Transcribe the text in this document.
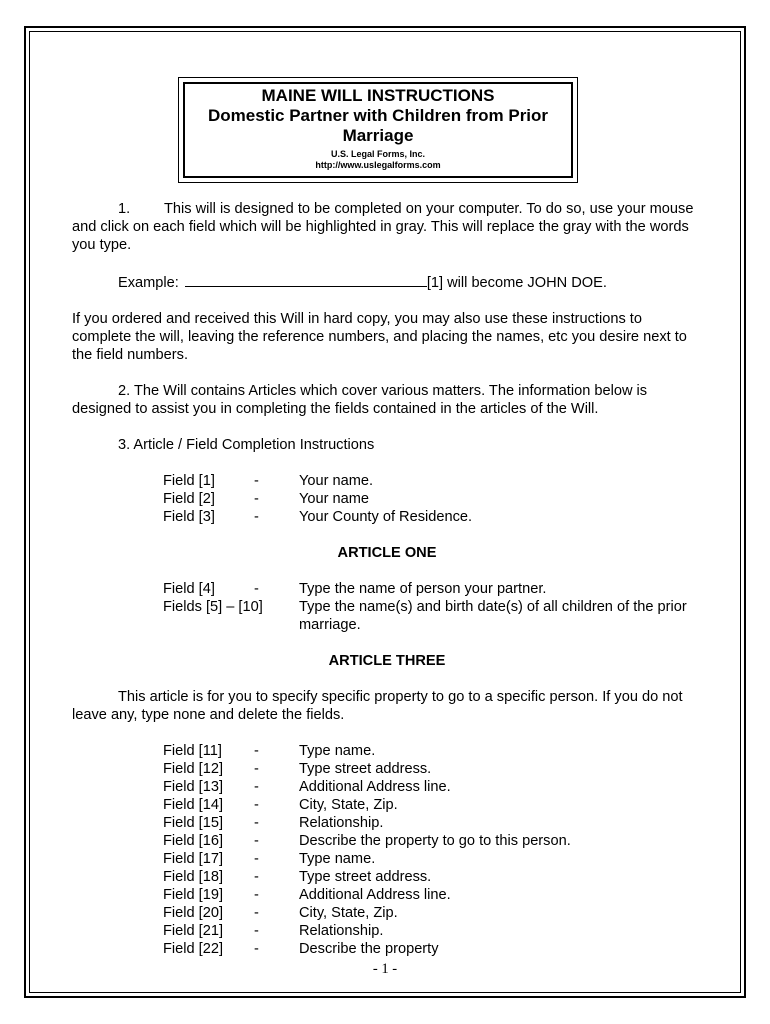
MAINE WILL INSTRUCTIONS
Domestic Partner with Children from Prior Marriage
U.S. Legal Forms, Inc.
http://www.uslegalforms.com

1. This will is designed to be completed on your computer. To do so, use your mouse and click on each field which will be highlighted in gray. This will replace the gray with the words you type.

Example:	[1] will become JOHN DOE.

If you ordered and received this Will in hard copy, you may also use these instructions to complete the will, leaving the reference numbers, and placing the names, etc you desire next to the field numbers.

2. The Will contains Articles which cover various matters. The information below is designed to assist you in completing the fields contained in the articles of the Will.

3. Article / Field Completion Instructions

Field [1]	-	Your name.
Field [2]	-	Your name
Field [3]	-	Your County of Residence.

ARTICLE ONE

Field [4]	-	Type the name of person your partner.
Fields [5] – [10]	Type the name(s) and birth date(s) of all children of the prior marriage.

ARTICLE THREE

This article is for you to specify specific property to go to a specific person. If you do not leave any, type none and delete the fields.

Field [11]	-	Type name.
Field [12]	-	Type street address.
Field [13]	-	Additional Address line.
Field [14]	-	City, State, Zip.
Field [15]	-	Relationship.
Field [16]	-	Describe the property to go to this person.
Field [17]	-	Type name.
Field [18]	-	Type street address.
Field [19]	-	Additional Address line.
Field [20]	-	City, State, Zip.
Field [21]	-	Relationship.
Field [22]	-	Describe the property
- 1 -
